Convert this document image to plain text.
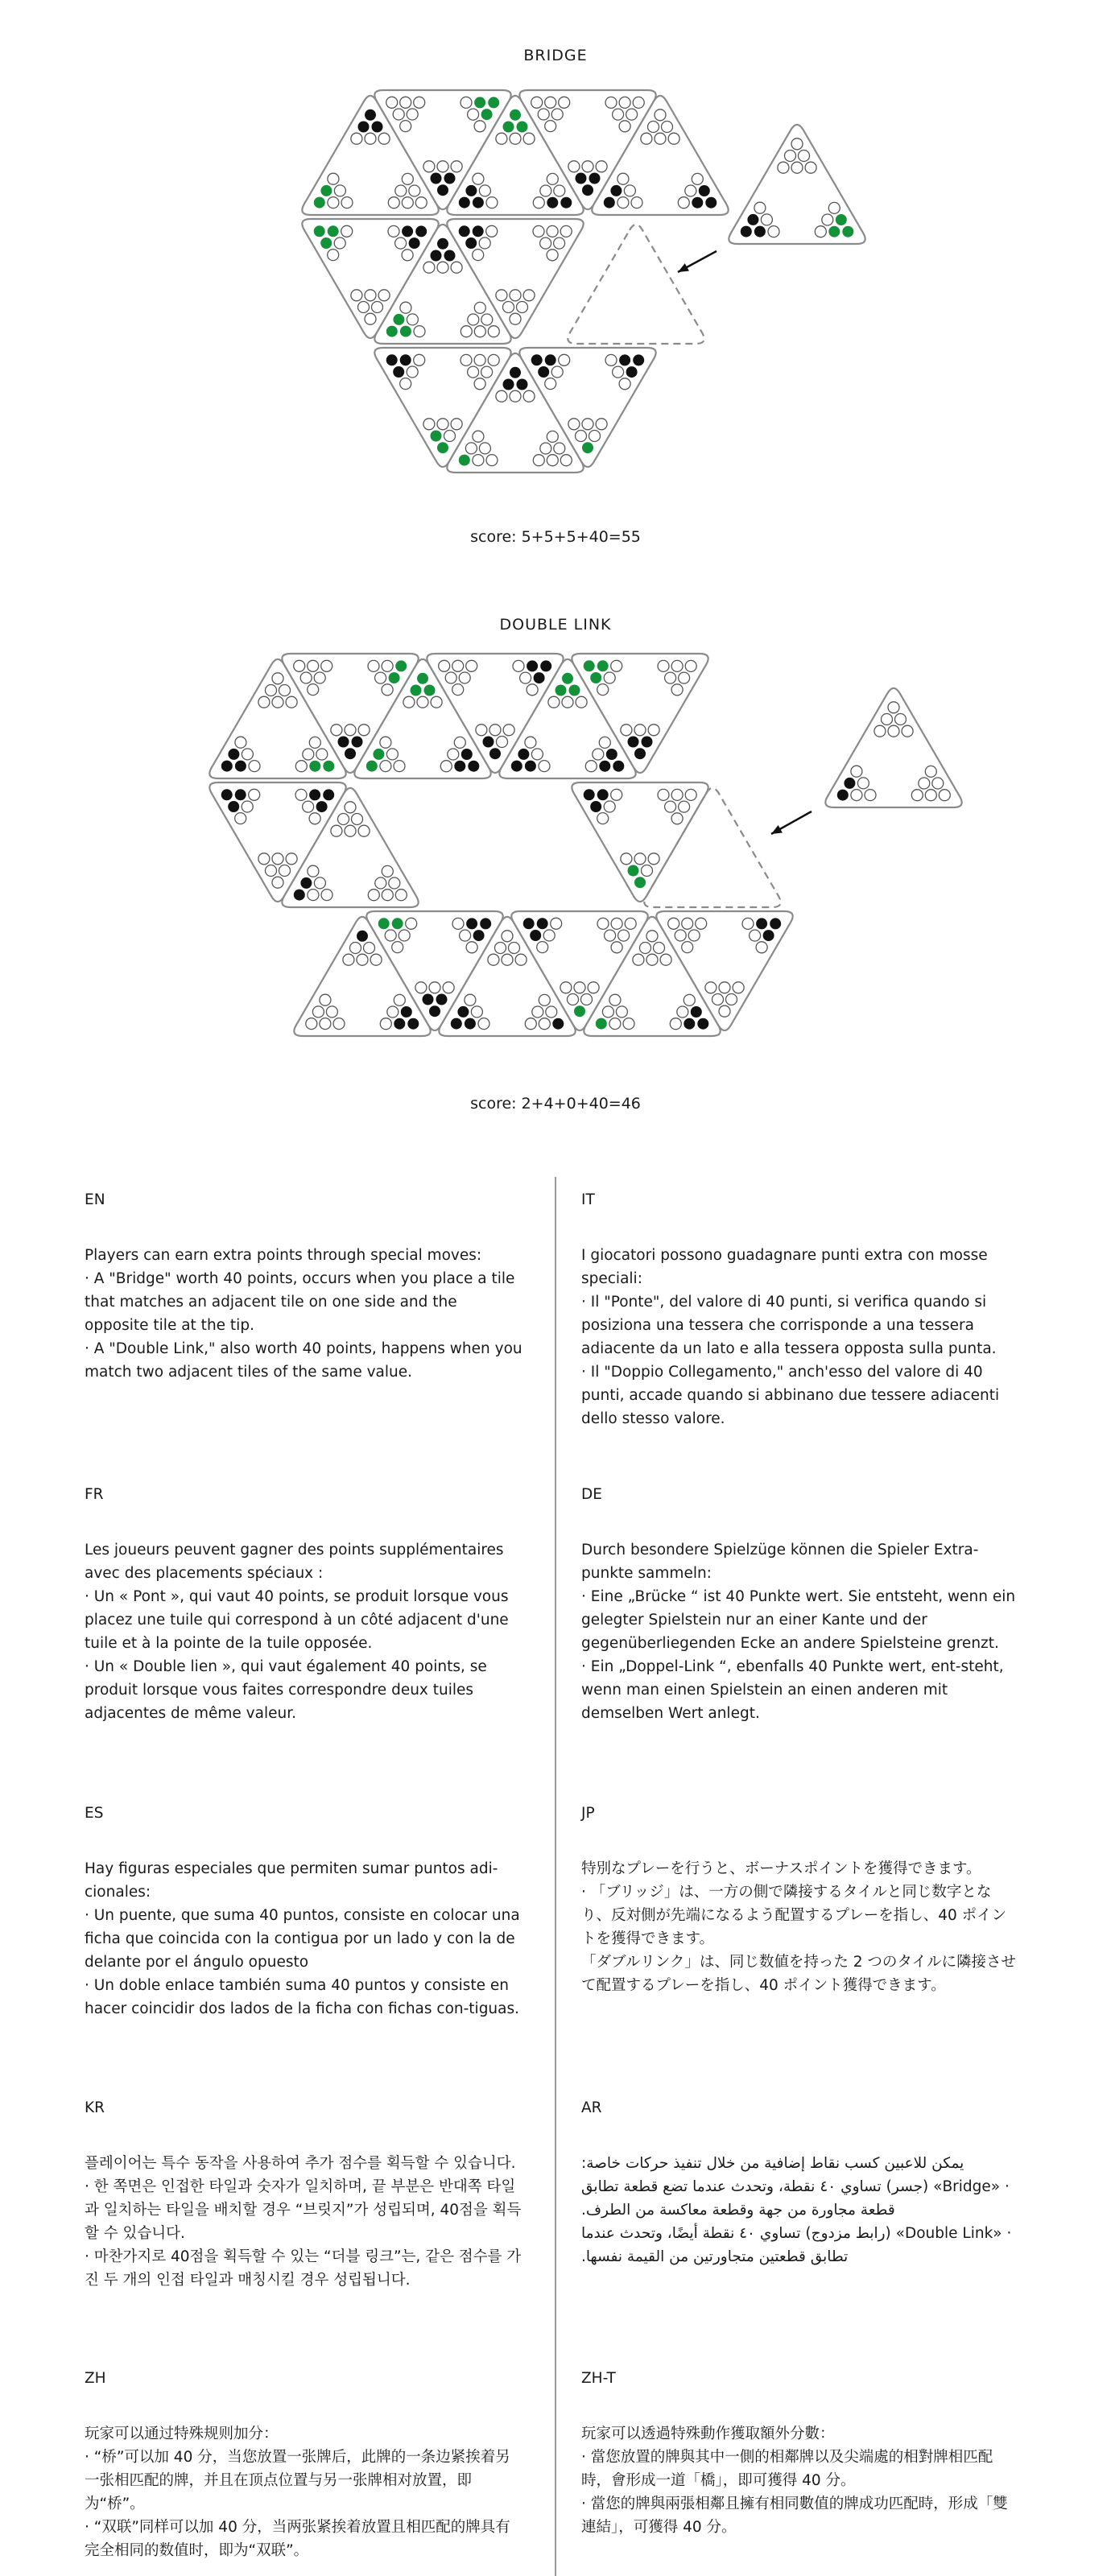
BRIDGE
score: 5+5+5+40=55
DOUBLE LINK
score: 2+4+0+40=46
EN

Players can earn extra points through special moves:

· A "Bridge" worth 40 points, occurs when you place a tile that matches an adjacent tile on one side and the opposite tile at the tip.

· A "Double Link," also worth 40 points, happens when you match two adjacent tiles of the same value.

IT

I giocatori possono guadagnare punti extra con mosse speciali:

· Il "Ponte", del valore di 40 punti, si verifica quando si posiziona una tessera che corrisponde a una tessera adiacente da un lato e alla tessera opposta sulla punta.

· Il "Doppio Collegamento," anch'esso del valore di 40 punti, accade quando si abbinano due tessere adiacenti dello stesso valore.

FR

Les joueurs peuvent gagner des points supplémentaires avec des placements spéciaux :

· Un « Pont », qui vaut 40 points, se produit lorsque vous placez une tuile qui correspond à un côté adjacent d'une tuile et à la pointe de la tuile opposée.

· Un « Double lien », qui vaut également 40 points, se produit lorsque vous faites correspondre deux tuiles adjacentes de même valeur.

DE

Durch besondere Spielzüge können die Spieler Extra-punkte sammeln:

· Eine „Brücke “ ist 40 Punkte wert. Sie entsteht, wenn ein gelegter Spielstein nur an einer Kante und der gegenüberliegenden Ecke an andere Spielsteine grenzt.

· Ein „Doppel-Link “, ebenfalls 40 Punkte wert, ent-steht, wenn man einen Spielstein an einen anderen mit demselben Wert anlegt.

ES

Hay figuras especiales que permiten sumar puntos adi-cionales:

· Un puente, que suma 40 puntos, consiste en colocar una ficha que coincida con la contigua por un lado y con la de delante por el ángulo opuesto

· Un doble enlace también suma 40 puntos y consiste en hacer coincidir dos lados de la ficha con fichas con-tiguas.

JP

特別なプレーを行うと、ボーナスポイントを獲得できます。

· 「ブリッジ」は、一方の側で隣接するタイルと同じ数字となり、反対側が先端になるよう配置するプレーを指し、40 ポイントを獲得できます。

「ダブルリンク」は、同じ数値を持った 2 つのタイルに隣接させて配置するプレーを指し、40 ポイント獲得できます。

KR

플레이어는 특수 동작을 사용하여 추가 점수를 획득할 수 있습니다.

· 한 쪽면은 인접한 타일과 숫자가 일치하며, 끝 부분은 반대쪽 타일과 일치하는 타일을 배치할 경우 “브릿지”가 성립되며, 40점을 획득할 수 있습니다.

· 마찬가지로 40점을 획득할 수 있는 “더블 링크”는, 같은 점수를 가진 두 개의 인접 타일과 매칭시킬 경우 성립됩니다.

AR

يمكن للاعبين كسب نقاط إضافية من خلال تنفيذ حركات خاصة:

· «Bridge» (جسر) تساوي ٤٠ نقطة، وتحدث عندما تضع قطعة تطابق قطعة مجاورة من جهة وقطعة معاكسة من الطرف.

· «Double Link» (رابط مزدوج) تساوي ٤٠ نقطة أيضًا، وتحدث عندما تطابق قطعتين متجاورتين من القيمة نفسها.

ZH

玩家可以通过特殊规则加分：

· “桥”可以加 40 分，当您放置一张牌后，此牌的一条边紧挨着另一张相匹配的牌，并且在顶点位置与另一张牌相对放置，即为“桥”。

· “双联”同样可以加 40 分，当两张紧挨着放置且相匹配的牌具有完全相同的数值时，即为“双联”。

ZH-T

玩家可以透過特殊動作獲取額外分數：

· 當您放置的牌與其中一側的相鄰牌以及尖端處的相對牌相匹配時，會形成一道「橋」，即可獲得 40 分。

· 當您的牌與兩張相鄰且擁有相同數值的牌成功匹配時，形成「雙連結」，可獲得 40 分。
